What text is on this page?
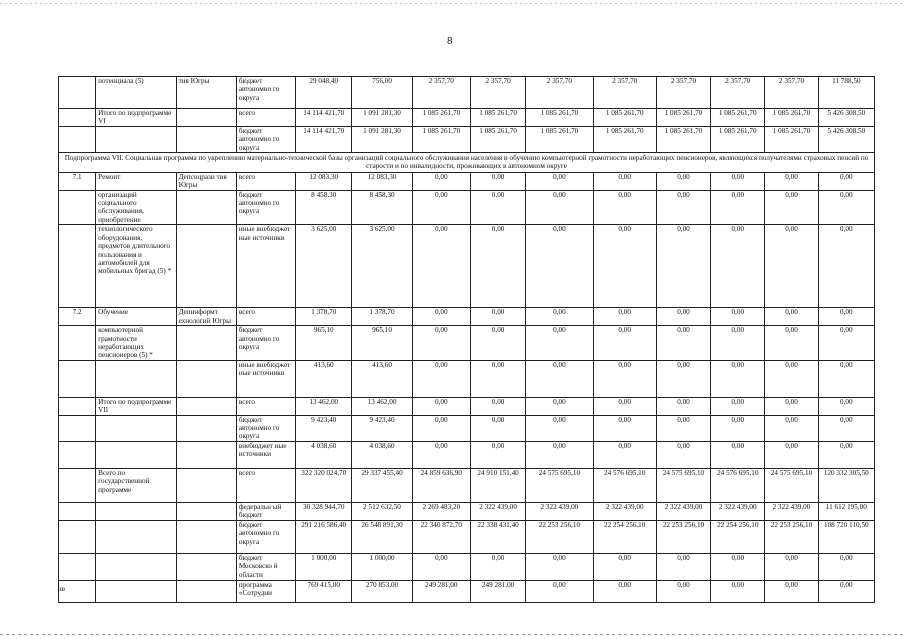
8
	потенциала (5)	тия Югры	бюджет автономно го округа	29 048,40	756,00	2 357,70	2 357,70	2 357,70	2 357,70	2 357,70	2 357,70	2 357,70	11 788,50
	Итого по подпрограмме VI		всего	14 114 421,70	1 091 281,30	1 085 261,70	1 085 261,70	1 085 261,70	1 085 261,70	1 085 261,70	1 085 261,70	1 085 261,70	5 426 308,50
			бюджет автономно го округа	14 114 421,70	1 091 281,30	1 085 261,70	1 085 261,70	1 085 261,70	1 085 261,70	1 085 261,70	1 085 261,70	1 085 261,70	5 426 308,50
Подпрограмма VII. Социальная программа по укреплению материально-технической базы организаций социального обслуживания населения и обучению компьютерной грамотности неработающих пенсионеров, являющихся получателями страховых пенсий по старости и по инвалидности, проживающих в автономном округе													
7.1	Ремонт	Депсоцрази тия Югры	всего	12 083,30	12 083,30	0,00	0,00	0,00	0,00	0,00	0,00	0,00	0,00
	организаций социального обслуживания, приобретение		бюджет автономно го округа	8 458,30	8 458,30	0,00	0,00	0,00	0,00	0,00	0,00	0,00	0,00
	технологического оборудования, предметов длительного пользования и автомобилей для мобильных бригад (5) *		иные внебюджет ные источники	3 625,00	3 625,00	0,00	0,00	0,00	0,00	0,00	0,00	0,00	0,00
7.2	Обучение	Депинформт ехнологий Югры	всего	1 378,70	1 378,70	0,00	0,00	0,00	0,00	0,00	0,00	0,00	0,00
	компьютерной грамотности неработающих пенсионеров (5) *		бюджет автономно го округа	965,10	965,10	0,00	0,00	0,00	0,00	0,00	0,00	0,00	0,00
			иные внебюджет ные источники	413,60	413,60	0,00	0,00	0,00	0,00	0,00	0,00	0,00	0,00
	Итого по подпрограмме VII		всего	13 462,00	13 462,00	0,00	0,00	0,00	0,00	0,00	0,00	0,00	0,00
			бюджет автономно го округа	9 423,40	9 423,40	0,00	0,00	0,00	0,00	0,00	0,00	0,00	0,00
			внебюджет ные источники	4 038,60	4 038,60	0,00	0,00	0,00	0,00	0,00	0,00	0,00	0,00
	Всего по государственной программе		всего	322 320 024,70	29 337 455,40	24 859 636,90	24 910 151,40	24 575 695,10	24 576 695,10	24 575 695,10	24 576 695,10	24 575 695,10	120 332 305,50
			федеральн ый бюджет	30 328 944,70	2 512 632,50	2 269 483,20	2 322 439,00	2 322 439,00	2 322 439,00	2 322 439,00	2 322 439,00	2 322 439,00	11 612 195,00
			бюджет автономно го округа	291 216 586,40	26 548 891,30	22 340 872,70	22 338 431,40	22 253 256,10	22 254 256,10	22 253 256,10	22 254 256,10	22 253 256,10	108 720 110,50
			бюджет Московско й области	1 000,00	1 000,00	0,00	0,00	0,00	0,00	0,00	0,00	0,00	0,00
			программа «Сотрудни	769 415,00	270 853,00	249 281,00	249 281,00	0,00	0,00	0,00	0,00	0,00	0,00
нв
